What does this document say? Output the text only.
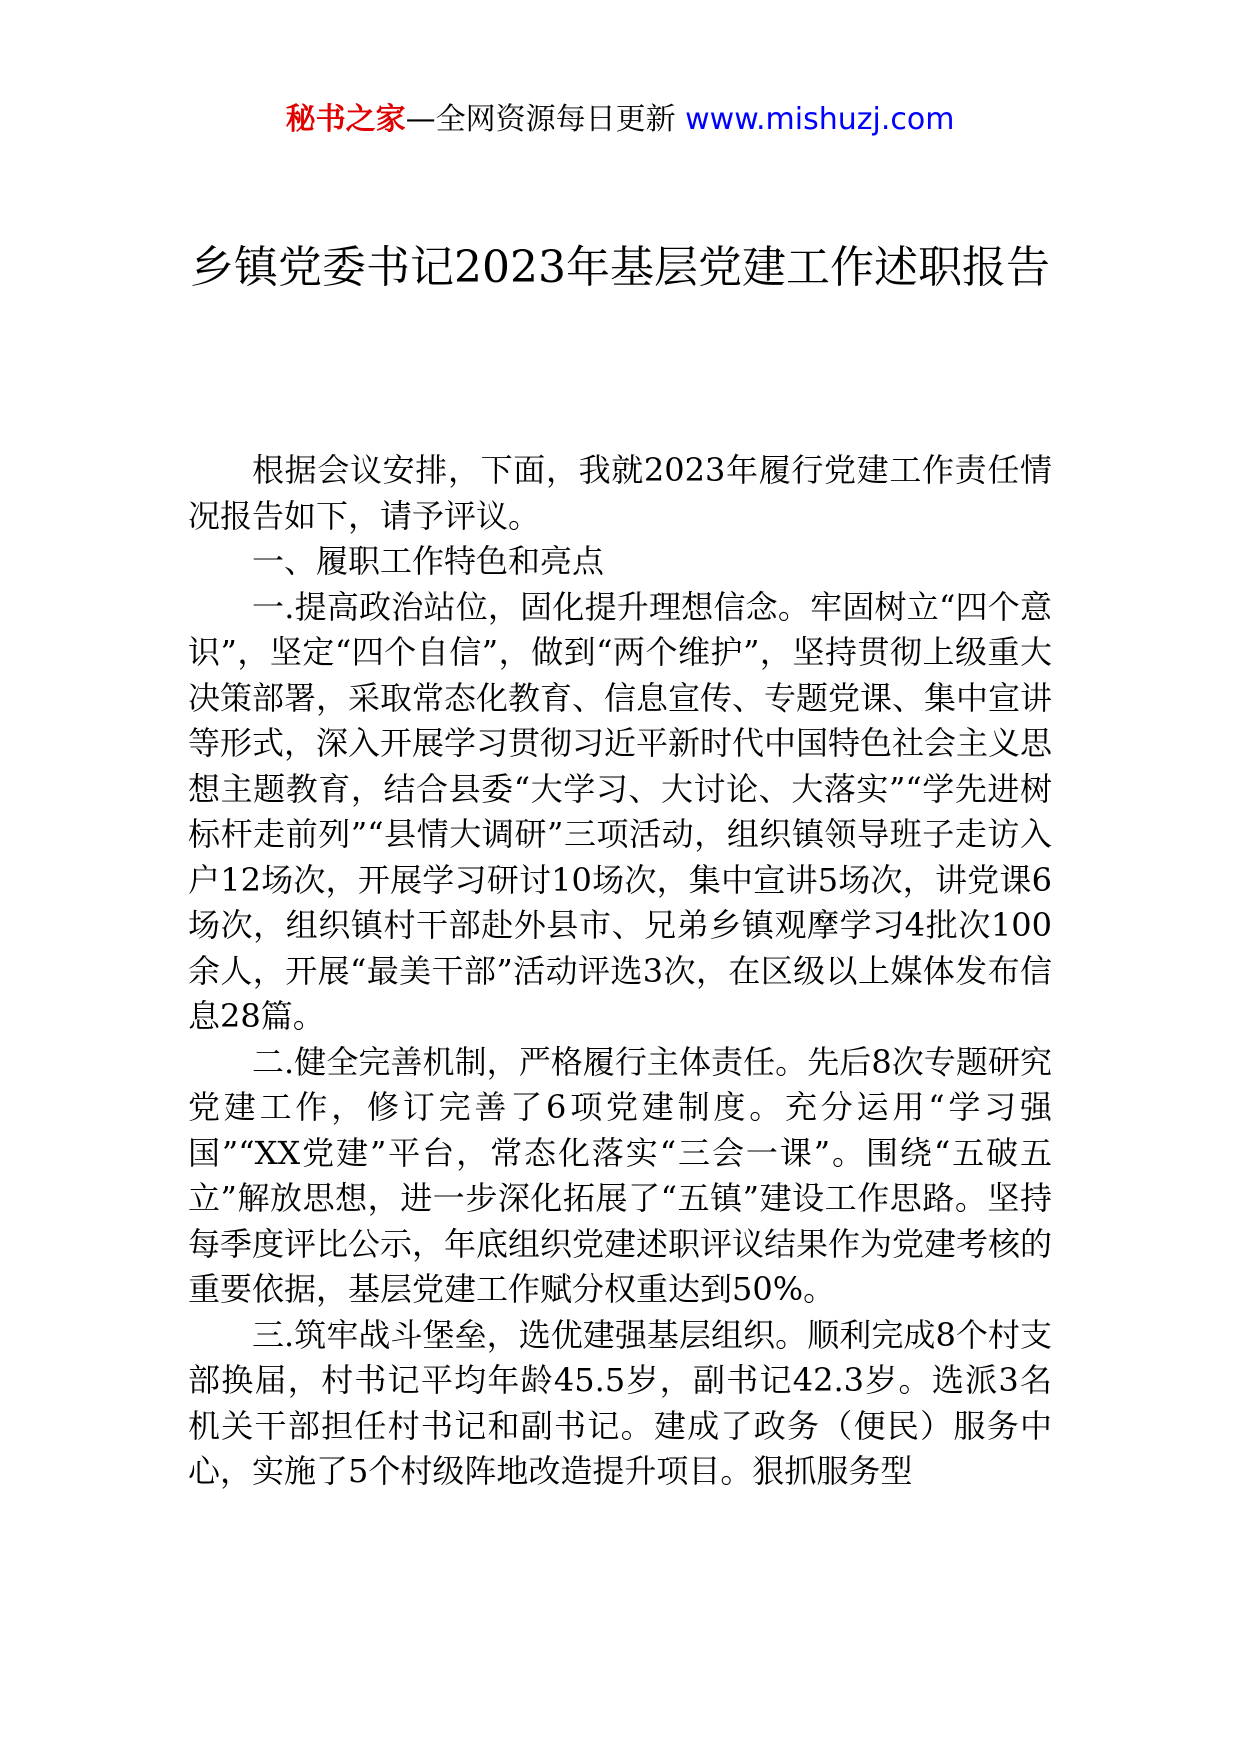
秘书之家—全网资源每日更新 www.mishuzj.com
乡镇党委书记2023年基层党建工作述职报告

根据会议安排，下面，我就2023年履行党建工作责任情况报告如下，请予评议。

一、履职工作特色和亮点

一.提高政治站位，固化提升理想信念。牢固树立“四个意识”，坚定“四个自信”，做到“两个维护”，坚持贯彻上级重大决策部署，采取常态化教育、信息宣传、专题党课、集中宣讲等形式，深入开展学习贯彻习近平新时代中国特色社会主义思想主题教育，结合县委“大学习、大讨论、大落实”“学先进树标杆走前列”“县情大调研”三项活动，组织镇领导班子走访入户12场次，开展学习研讨10场次，集中宣讲5场次，讲党课6场次，组织镇村干部赴外县市、兄弟乡镇观摩学习4批次100余人，开展“最美干部”活动评选3次，在区级以上媒体发布信息28篇。

二.健全完善机制，严格履行主体责任。先后8次专题研究党建工作，修订完善了6项党建制度。充分运用“学习强国”“XX党建”平台，常态化落实“三会一课”。围绕“五破五立”解放思想，进一步深化拓展了“五镇”建设工作思路。坚持每季度评比公示，年底组织党建述职评议结果作为党建考核的重要依据，基层党建工作赋分权重达到50%。

三.筑牢战斗堡垒，选优建强基层组织。顺利完成8个村支部换届，村书记平均年龄45.5岁，副书记42.3岁。选派3名机关干部担任村书记和副书记。建成了政务（便民）服务中心，实施了5个村级阵地改造提升项目。狠抓服务型
